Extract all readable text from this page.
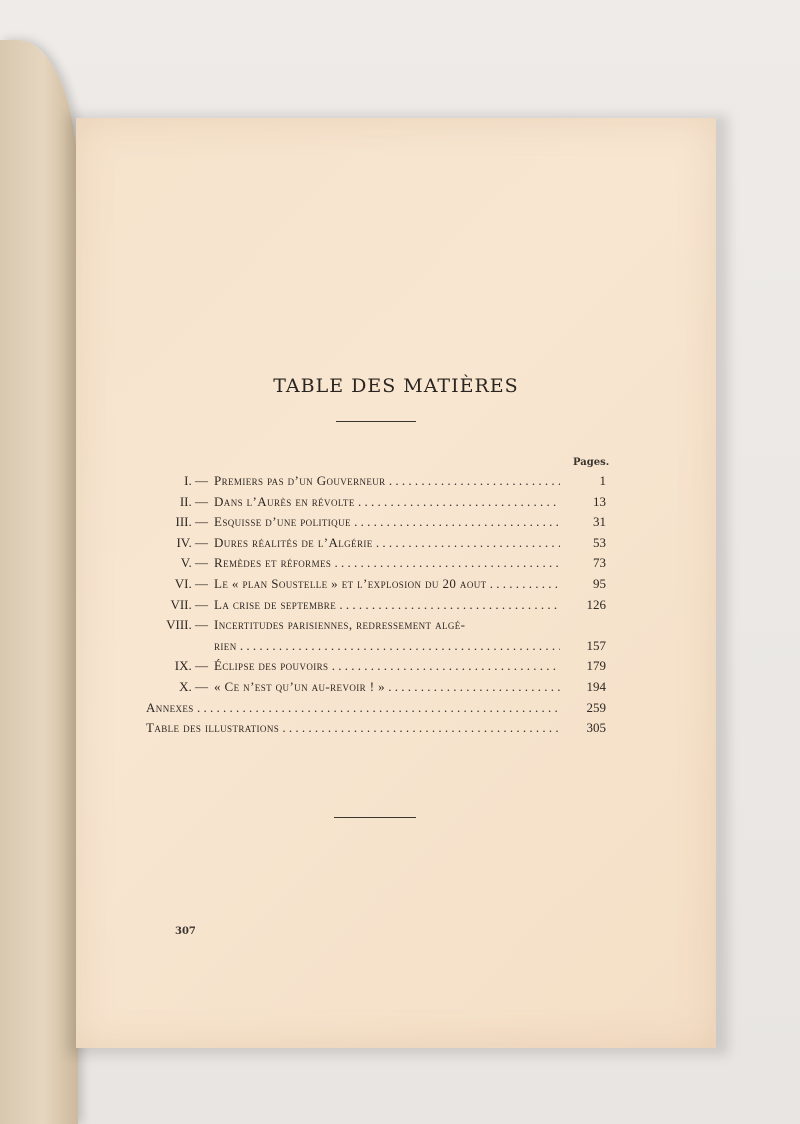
TABLE DES MATIÈRES
Pages.
I. — Premiers pas d’un Gouverneur . . .	1
II. — Dans l’Aurès en révolte . . .	13
III. — Esquisse d’une politique . . .	31
IV. — Dures réalités de l’Algérie . . .	53
V. — Remèdes et réformes . . .	73
VI. — Le « plan Soustelle » et l’explosion du 20 aout . . .	95
VII. — La crise de septembre . . .	126
VIII. — Incertitudes parisiennes, redressement algé-
rien . . .	157
IX. — Éclipse des pouvoirs . . .	179
X. — « Ce n’est qu’un au-revoir ! » . . .	194
Annexes . . .	259
Table des illustrations . . .	305
307
